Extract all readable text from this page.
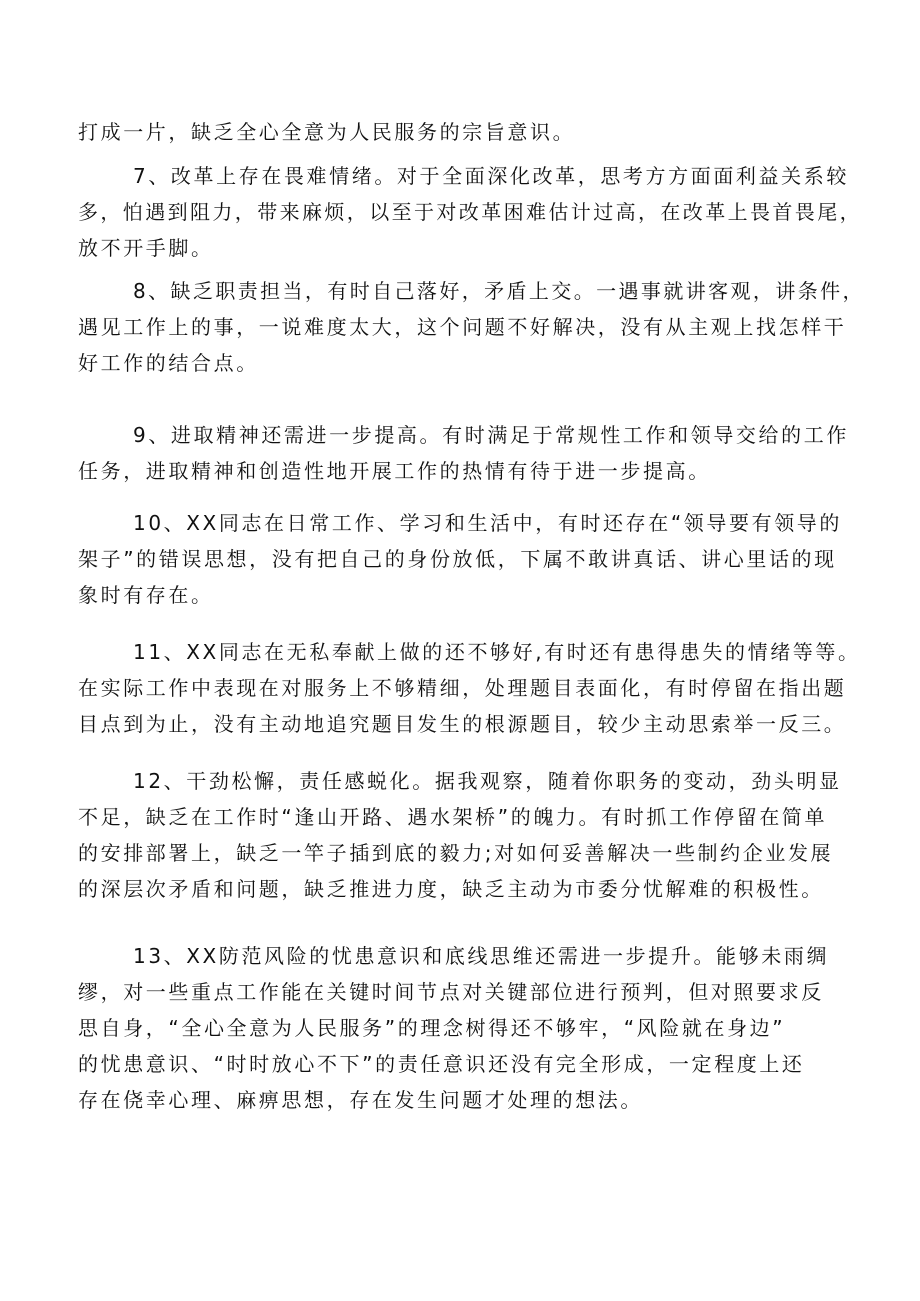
打成一片，缺乏全心全意为人民服务的宗旨意识。
7、改革上存在畏难情绪。对于全面深化改革，思考方方面面利益关系较
多，怕遇到阻力，带来麻烦，以至于对改革困难估计过高，在改革上畏首畏尾，
放不开手脚。
8、缺乏职责担当，有时自己落好，矛盾上交。一遇事就讲客观，讲条件，
遇见工作上的事，一说难度太大，这个问题不好解决，没有从主观上找怎样干
好工作的结合点。
9、进取精神还需进一步提高。有时满足于常规性工作和领导交给的工作
任务，进取精神和创造性地开展工作的热情有待于进一步提高。
10、XX同志在日常工作、学习和生活中，有时还存在“领导要有领导的
架子”的错误思想，没有把自己的身份放低，下属不敢讲真话、讲心里话的现
象时有存在。
11、XX同志在无私奉献上做的还不够好,有时还有患得患失的情绪等等。
在实际工作中表现在对服务上不够精细，处理题目表面化，有时停留在指出题
目点到为止，没有主动地追究题目发生的根源题目，较少主动思索举一反三。
12、干劲松懈，责任感蜕化。据我观察，随着你职务的变动，劲头明显
不足，缺乏在工作时“逢山开路、遇水架桥”的魄力。有时抓工作停留在简单
的安排部署上，缺乏一竿子插到底的毅力;对如何妥善解决一些制约企业发展
的深层次矛盾和问题，缺乏推进力度，缺乏主动为市委分忧解难的积极性。
13、XX防范风险的忧患意识和底线思维还需进一步提升。能够未雨绸
缪，对一些重点工作能在关键时间节点对关键部位进行预判，但对照要求反
思自身，“全心全意为人民服务”的理念树得还不够牢，“风险就在身边”
的忧患意识、“时时放心不下”的责任意识还没有完全形成，一定程度上还
存在侥幸心理、麻痹思想，存在发生问题才处理的想法。
